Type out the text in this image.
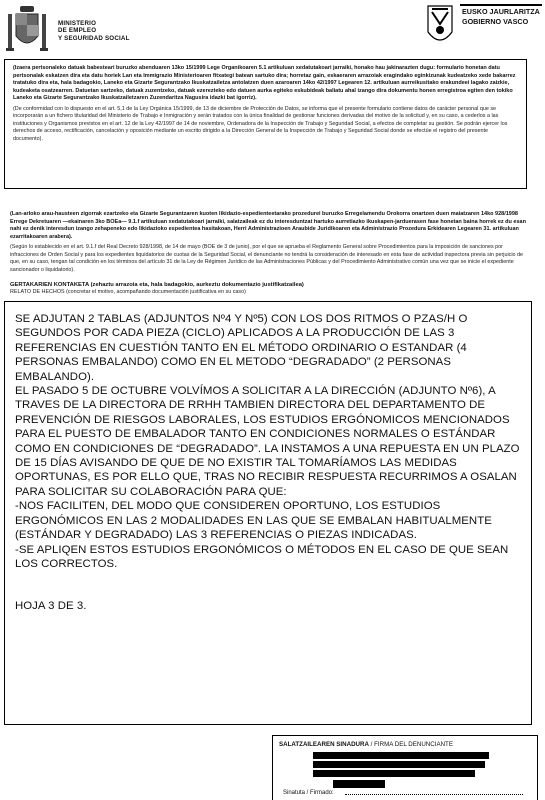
MINISTERIO
DE EMPLEO
Y SEGURIDAD SOCIAL
EUSKO JAURLARITZA
GOBIERNO VASCO

(Izaera pertsonaleko datuak babesteari buruzko abenduaren 13ko 15/1999 Lege Organikoaren 5.1 artikuluan xedatutakoari jarraiki, honako hau jakinarazten dugu: formulario honetan datu pertsonalak eskatzen dira eta datu horiek Lan eta Immigrazio Ministerioaren fitxategi batean sartuko dira; horretaz gain, eskaeraren arrazoiak eragindako eginkizunak kudeatzeko xede bakarrez tratatuko dira eta, hala badagokio, Laneko eta Gizarte Segurantzako Ikuskatzailetza antolatzen duen azaroaren 14ko 42/1997 Legearen 12. artikuluan aurreikusitako erakundeei lagako zaizkie, kudeaketa osatzearren. Datuetan sartzeko, datuak zuzentzeko, datuak ezerezteko edo datuen aurka egiteko eskubideak baliatu ahal izango dira dokumentu honen erregistroa egiten den tokiko Laneko eta Gizarte Segurantzako Ikuskatzailetzaren Zuzendaritza Nagusira idazki bat igorriz).

(De conformidad con lo dispuesto en el art. 5,1 de la Ley Orgánica 15/1999, de 13 de diciembre de Protección de Datos, se informa que el presente formulario contiene datos de carácter personal que se incorporarán a un fichero titularidad del Ministerio de Trabajo e Inmigración y serán tratados con la única finalidad de gestionar funciones derivadas del motivo de la solicitud y, en su caso, a cederlos a las instituciones y Organismos previstos en el art. 12 de la Ley 42/1997 de 14 de noviembre, Ordenadora de la Inspección de Trabajo y Seguridad Social, a efectos de completar su gestión. Se podrán ejercer los derechos de acceso, rectificación, cancelación y oposición mediante un escrito dirigido a la Dirección General de la Inspección de Trabajo y Seguridad Social donde se efectúe el registro del presente documento).

(Lan-arloko arau-hausteen zigorrak ezartzeko eta Gizarte Segurantzaren kuoten likidazio-espedienteetarako prozedurei buruzko Erregelamendu Orokorra onartzen duen maiatzaren 14ko 928/1998 Errege Dekretuaren —ekainaren 3ko BOEa— 9.1.f artikuluan xedatutakoari jarraiki, salatzaileak ez du interesduntzat hartuko aurretiazko ikuskapen-jarduerasen fase honetan baina horrek ez du esan nahi ez denik interesdun izango zehapeneko edo likidazioko espedientea hasitakoan, Herri Administrazioen Araubide Juridikoaren eta Administrazio Prozedura Erkidearen Legearen 31. artikuluan ezarritakoaren arabera).

(Según lo establecido en el art. 9.1.f del Real Decreto 928/1998, de 14 de mayo (BOE de 3 de junio), por el que se aprueba el Reglamento General sobre Procedimientos para la imposición de sanciones por infracciones de Orden Social y para los expedientes liquidatorios de cuotas de la Seguridad Social, el denunciante no tendrá la consideración de interesado en esta fase de actividad inspectora previa sin perjuicio de que, en su caso, tengan tal condición en los términos del artículo 31 de la Ley de Régimen Jurídico de las Administraciones Públicas y del Procedimiento Administrativo común una vez que se inicie el expediente sancionador o liquidatorio).

GERTAKARIEN KONTAKETA (zehaztu arrazoia eta, hala badagokio, aurkeztu dokumentazio justifikatzailea)
RELATO DE HECHOS (concretar el motivo, acompañando documentación justificativa en su caso)

SE ADJUTAN 2 TABLAS (ADJUNTOS Nº4 Y Nº5) CON LOS DOS RITMOS O PZAS/H O SEGUNDOS POR CADA PIEZA (CICLO) APLICADOS A LA PRODUCCIÓN DE LAS 3 REFERENCIAS EN CUESTIÓN TANTO EN EL MÉTODO ORDINARIO O ESTANDAR (4 PERSONAS EMBALANDO) COMO EN EL METODO “DEGRADADO” (2 PERSONAS EMBALANDO).

EL PASADO 5 DE OCTUBRE VOLVÍMOS A SOLICITAR A LA DIRECCIÓN (ADJUNTO Nº6), A TRAVES DE LA DIRECTORA DE RRHH TAMBIEN DIRECTORA DEL DEPARTAMENTO DE PREVENCIÓN DE RIESGOS LABORALES, LOS ESTUDIOS ERGÓNOMICOS MENCIONADOS PARA EL PUESTO DE EMBALADOR TANTO EN CONDICIONES NORMALES O ESTÁNDAR COMO EN CONDICIONES DE “DEGRADADO”. LA INSTAMOS A UNA REPUESTA EN UN PLAZO DE 15 DÍAS AVISANDO DE QUE DE NO EXISTIR TAL TOMARÍAMOS LAS MEDIDAS OPORTUNAS, ES POR ELLO QUE, TRAS NO RECIBIR RESPUESTA RECURRIMOS A OSALAN PARA SOLICITAR SU COLABORACIÓN PARA QUE:

-NOS FACILITEN, DEL MODO QUE CONSIDEREN OPORTUNO, LOS ESTUDIOS ERGONÓMICOS EN LAS 2 MODALIDADES EN LAS QUE SE EMBALAN HABITUALMENTE (ESTÁNDAR Y DEGRADADO) LAS 3 REFERENCIAS O PIEZAS INDICADAS.

-SE APLIQEN ESTOS ESTUDIOS ERGONÓMICOS O MÉTODOS EN EL CASO DE QUE SEAN LOS CORRECTOS.

HOJA 3 DE 3.

SALATZAILEAREN SINADURA / FIRMA DEL DENUNCIANTE
Sinatuta / Firmado:
